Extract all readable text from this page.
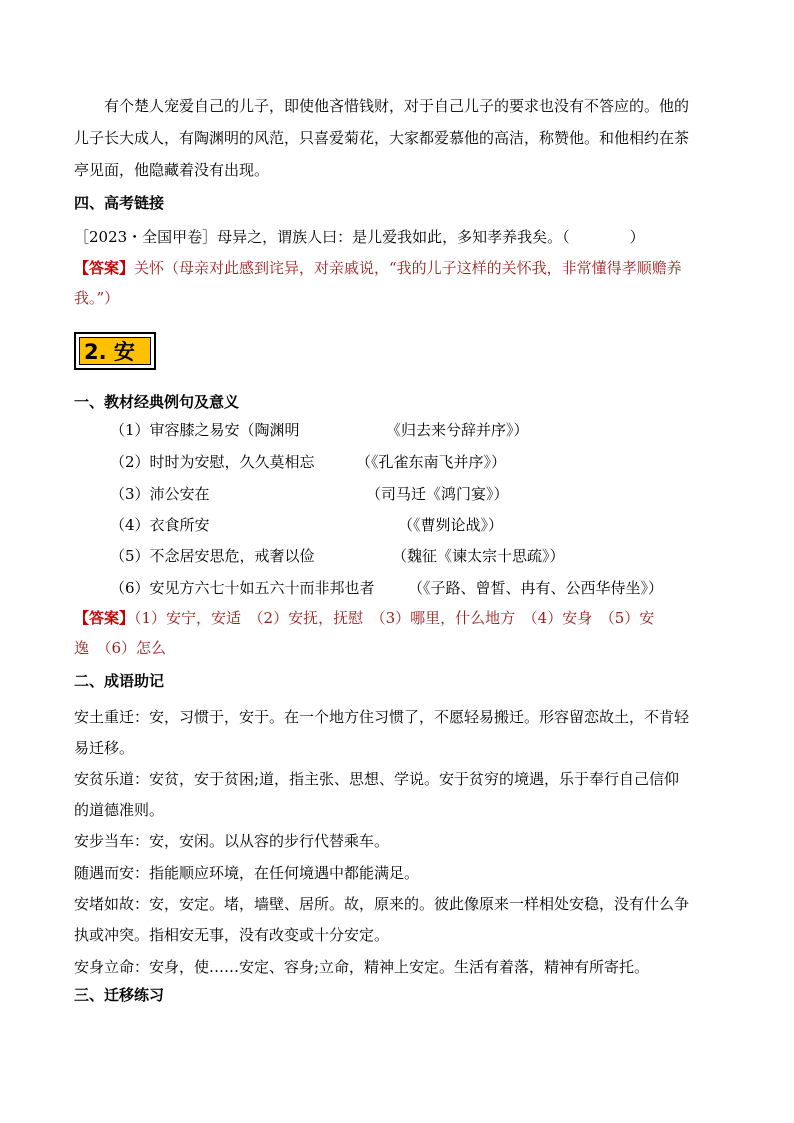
有个楚人宠爱自己的儿子，即使他吝惜钱财，对于自己儿子的要求也没有不答应的。他的
儿子长大成人，有陶渊明的风范，只喜爱菊花，大家都爱慕他的高洁，称赞他。和他相约在茶
亭见面，他隐藏着没有出现。
四、高考链接
［2023・全国甲卷］母异之，谓族人曰：是儿爱我如此，多知孝养我矣。（　　　　）
【答案】关怀（母亲对此感到诧异，对亲戚说，“我的儿子这样的关怀我，非常懂得孝顺赡养
我。”）
2. 安
一、教材经典例句及意义
（1）审容膝之易安（陶渊明	《归去来兮辞并序》）
（2）时时为安慰，久久莫相忘	（《孔雀东南飞并序》）
（3）沛公安在	（司马迁《鸿门宴》）
（4）衣食所安	（《曹刿论战》）
（5）不念居安思危，戒奢以俭	（魏征《谏太宗十思疏》）
（6）安见方六七十如五六十而非邦也者 （《子路、曾皙、冉有、公西华侍坐》）
【答案】（1）安宁，安适　（2）安抚，抚慰　（3）哪里，什么地方　（4）安身　（5）安
逸　（6）怎么
二、成语助记
安土重迁：安，习惯于，安于。在一个地方住习惯了，不愿轻易搬迁。形容留恋故土，不肯轻
易迁移。
安贫乐道：安贫，安于贫困;道，指主张、思想、学说。安于贫穷的境遇，乐于奉行自己信仰
的道德准则。
安步当车：安，安闲。以从容的步行代替乘车。
随遇而安：指能顺应环境，在任何境遇中都能满足。
安堵如故：安，安定。堵，墙壁、居所。故，原来的。彼此像原来一样相处安稳，没有什么争
执或冲突。指相安无事，没有改变或十分安定。
安身立命：安身，使……安定、容身;立命，精神上安定。生活有着落，精神有所寄托。
三、迁移练习
